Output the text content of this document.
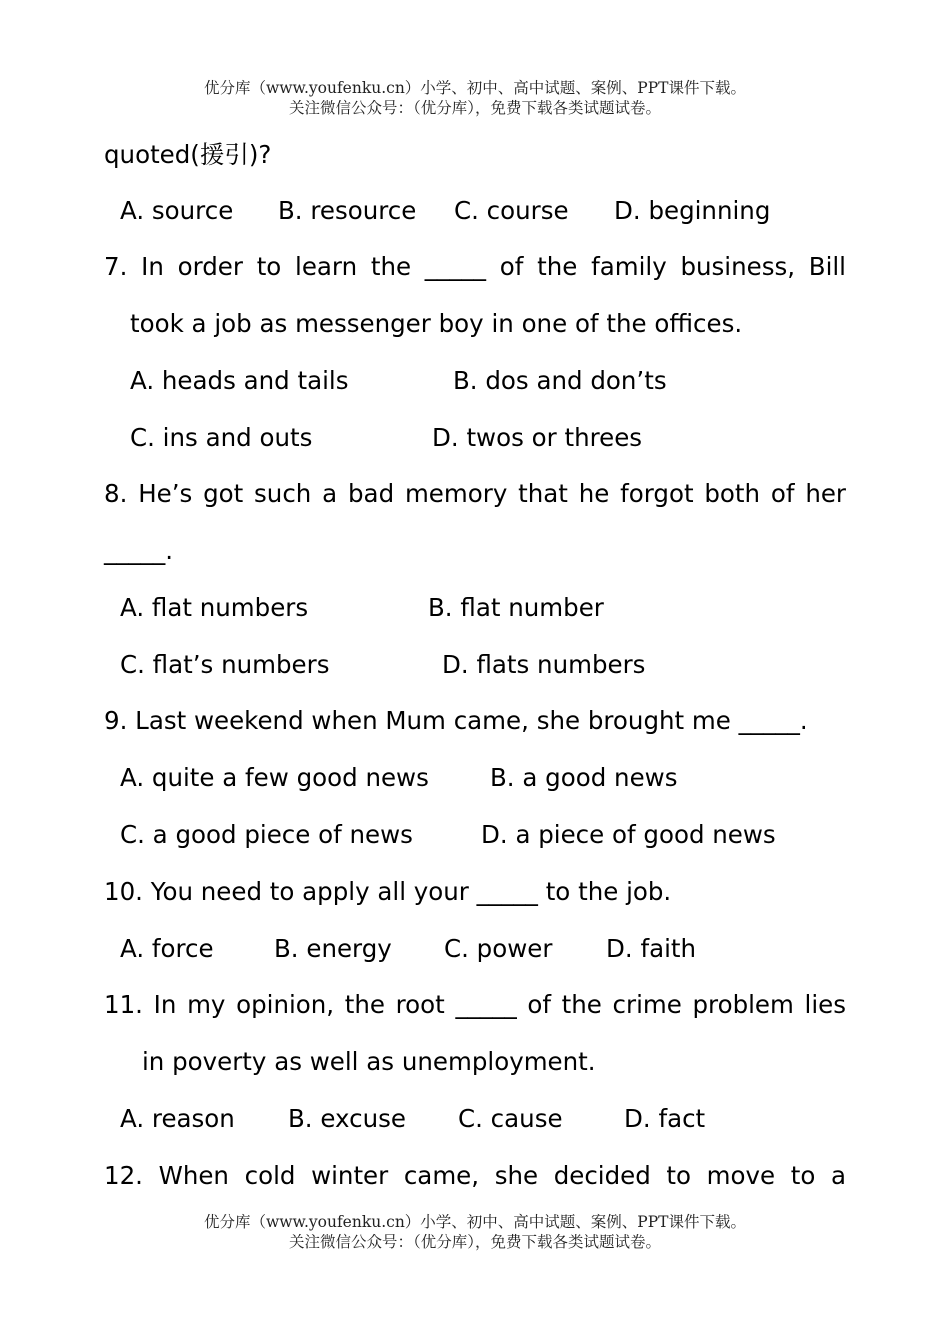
优分库（www.youfenku.cn）小学、初中、高中试题、案例、PPT课件下载。
关注微信公众号：（优分库），免费下载各类试题试卷。
quoted(援引)?
A. source B. resource C. course D. beginning
7. In order to learn the _____ of the family business, Bill
took a job as messenger boy in one of the offices.
A. heads and tails	B. dos and don’ts
C. ins and outs	D. twos or threes
8. He’s got such a bad memory that he forgot both of her
_____.
A. flat numbers	B. flat number
C. flat’s numbers	D. flats numbers
9. Last weekend when Mum came, she brought me _____.
A. quite a few good news B. a good news
C. a good piece of news	D. a piece of good news
10. You need to apply all your _____ to the job.
A. force B. energy C. power D. faith
11. In my opinion, the root _____ of the crime problem lies
in poverty as well as unemployment.
A. reason B. excuse C. cause	D. fact
12. When cold winter came, she decided to move to a
优分库（www.youfenku.cn）小学、初中、高中试题、案例、PPT课件下载。
关注微信公众号：（优分库），免费下载各类试题试卷。
